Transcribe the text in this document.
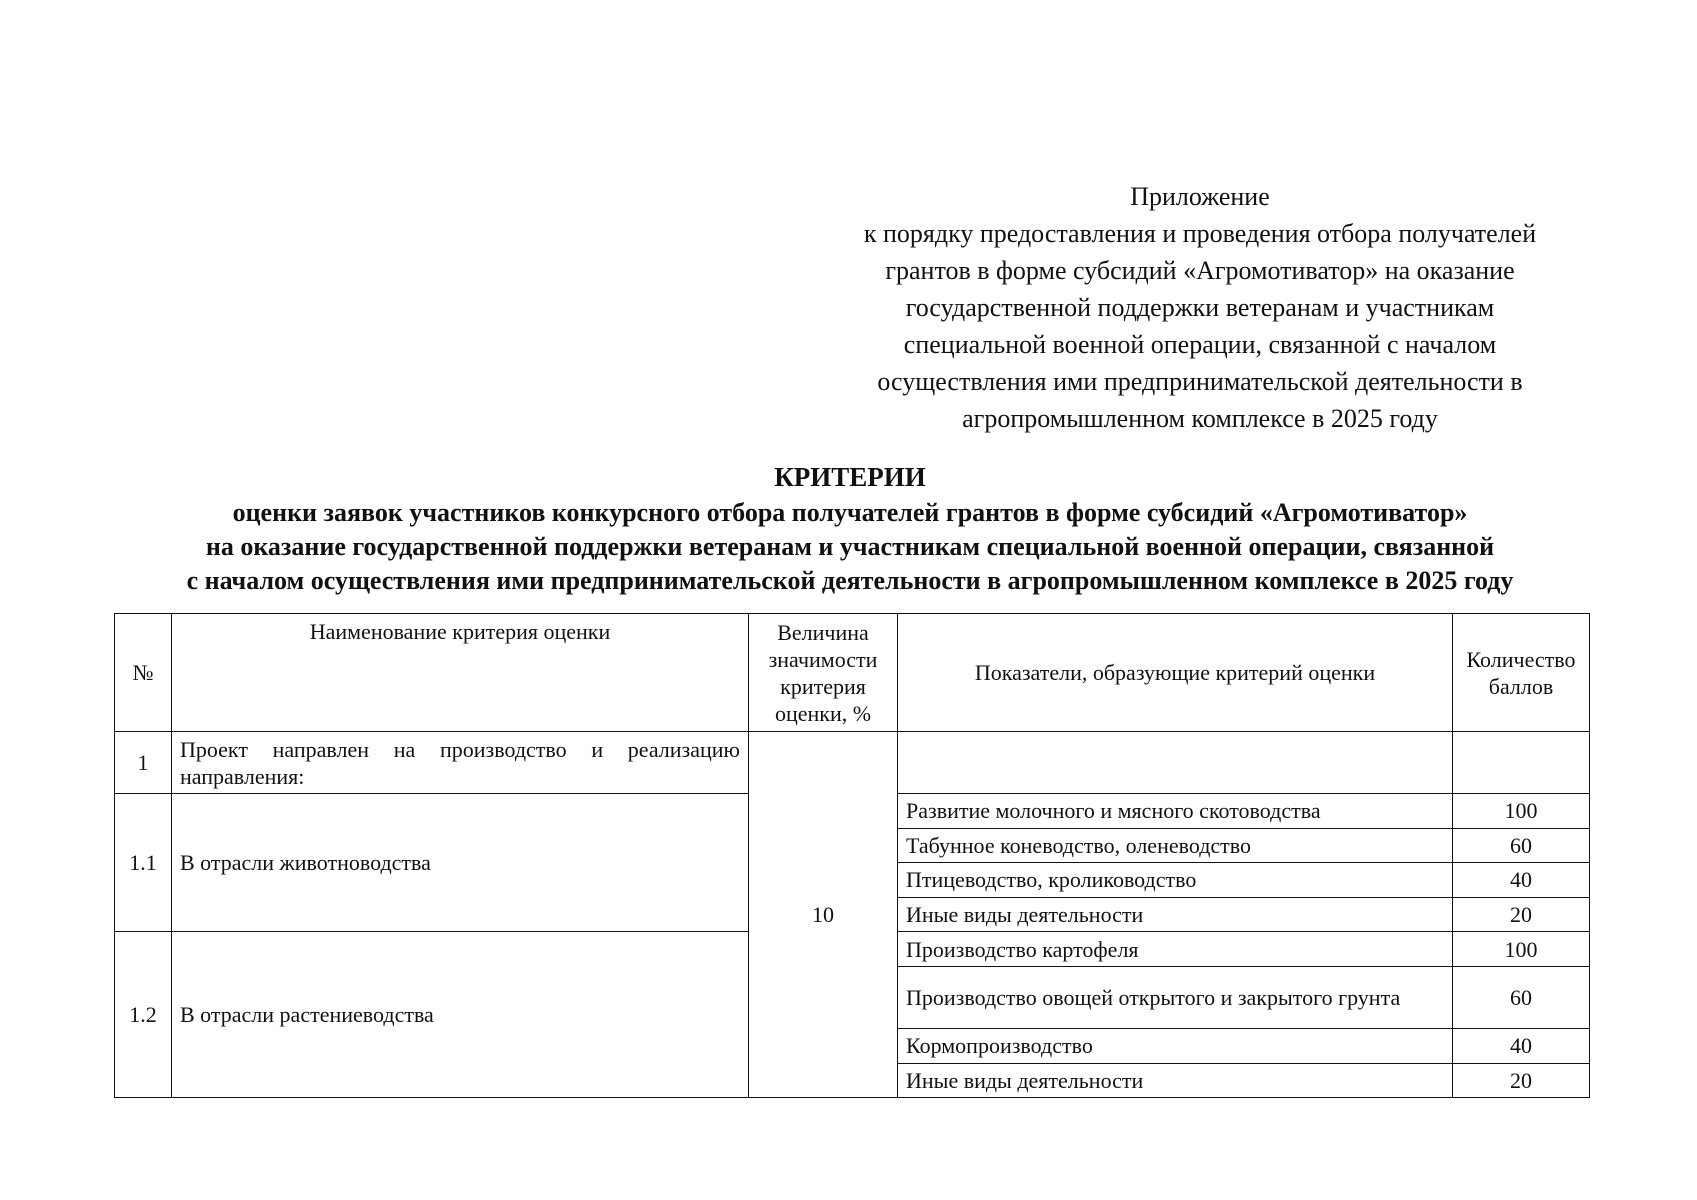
Приложение
к порядку предоставления и проведения отбора получателей
грантов в форме субсидий «Агромотиватор» на оказание
государственной поддержки ветеранам и участникам
специальной военной операции, связанной с началом
осуществления ими предпринимательской деятельности в
агропромышленном комплексе в 2025 году
КРИТЕРИИ
оценки заявок участников конкурсного отбора получателей грантов в форме субсидий «Агромотиватор»
на оказание государственной поддержки ветеранам и участникам специальной военной операции, связанной
с началом осуществления ими предпринимательской деятельности в агропромышленном комплексе в 2025 году
№	Наименование критерия оценки	Величина значимости критерия оценки, %	Показатели, образующие критерий оценки	Количество баллов
1	Проект направлен на производство и реализацию направления:	10		
1.1	В отрасли животноводства		Развитие молочного и мясного скотоводства	100
			Табунное коневодство, оленеводство	60
			Птицеводство, кролиководство	40
			Иные виды деятельности	20
1.2	В отрасли растениеводства		Производство картофеля	100
			Производство овощей открытого и закрытого грунта	60
			Кормопроизводство	40
			Иные виды деятельности	20
